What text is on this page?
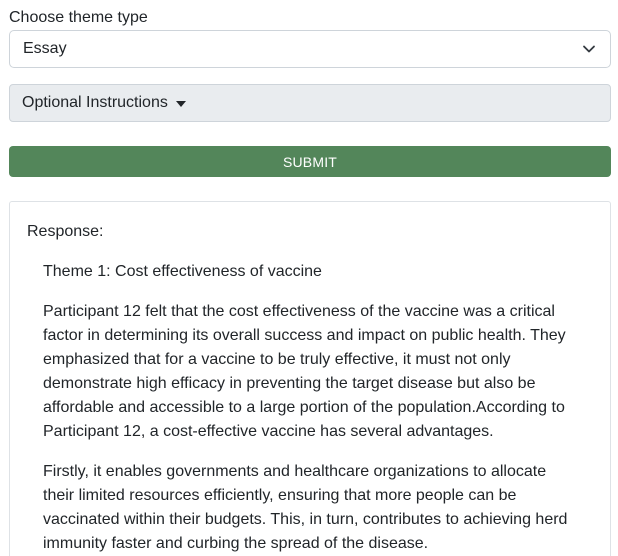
Choose theme type
Essay
Optional Instructions
SUBMIT
Response:

Theme 1: Cost effectiveness of vaccine

Participant 12 felt that the cost effectiveness of the vaccine was a critical factor in determining its overall success and impact on public health. They emphasized that for a vaccine to be truly effective, it must not only demonstrate high efficacy in preventing the target disease but also be affordable and accessible to a large portion of the population.According to Participant 12, a cost-effective vaccine has several advantages.

Firstly, it enables governments and healthcare organizations to allocate their limited resources efficiently, ensuring that more people can be vaccinated within their budgets. This, in turn, contributes to achieving herd immunity faster and curbing the spread of the disease.
